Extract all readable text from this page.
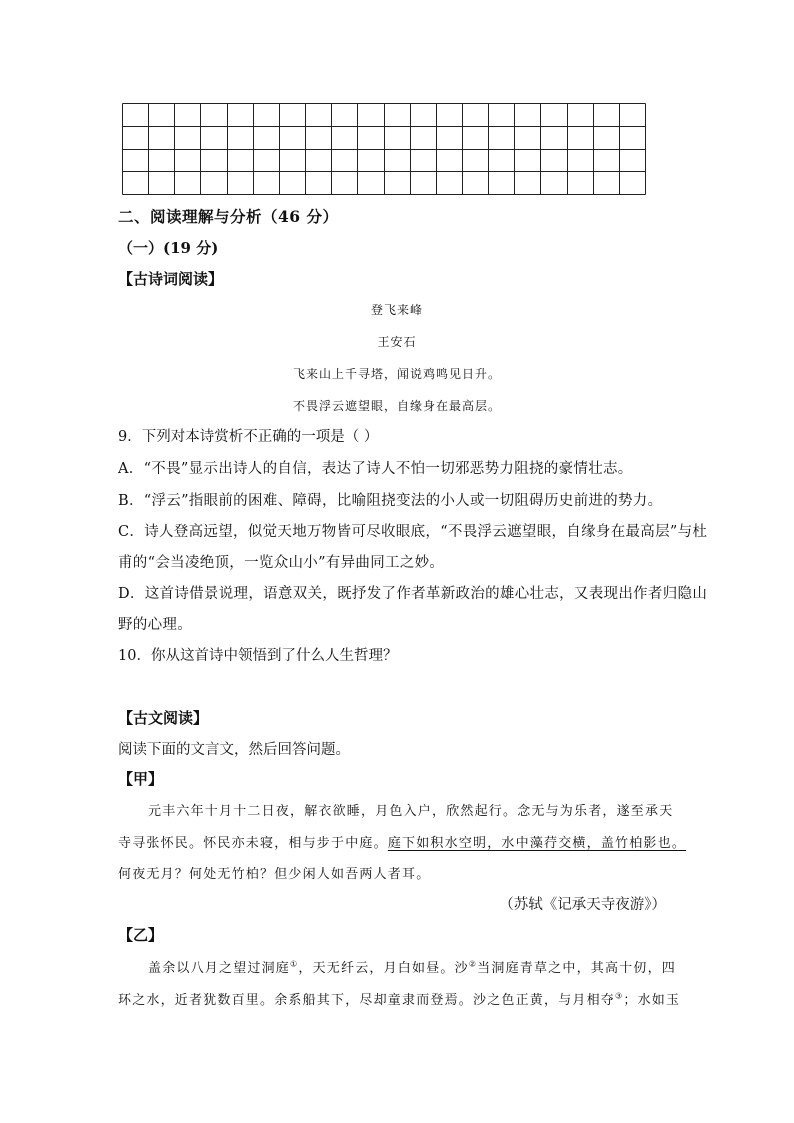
二、阅读理解与分析（46 分）
（一）(19 分)
【古诗词阅读】
登飞来峰
王安石
飞来山上千寻塔，闻说鸡鸣见日升。
不畏浮云遮望眼，自缘身在最高层。
9．下列对本诗赏析不正确的一项是（ ）
A．“不畏”显示出诗人的自信，表达了诗人不怕一切邪恶势力阻挠的豪情壮志。
B．“浮云”指眼前的困难、障碍，比喻阻挠变法的小人或一切阻碍历史前进的势力。
C．诗人登高远望，似觉天地万物皆可尽收眼底，“不畏浮云遮望眼，自缘身在最高层”与杜
甫的“会当凌绝顶，一览众山小”有异曲同工之妙。
D．这首诗借景说理，语意双关，既抒发了作者革新政治的雄心壮志，又表现出作者归隐山
野的心理。
10．你从这首诗中领悟到了什么人生哲理？
【古文阅读】
阅读下面的文言文，然后回答问题。
【甲】
元丰六年十月十二日夜，解衣欲睡，月色入户，欣然起行。念无与为乐者，遂至承天
寺寻张怀民。怀民亦未寝，相与步于中庭。庭下如积水空明，水中藻荇交横，盖竹柏影也。
何夜无月？何处无竹柏？但少闲人如吾两人者耳。
（苏轼《记承天寺夜游》）
【乙】
盖余以八月之望过洞庭①，天无纤云，月白如昼。沙②当洞庭青草之中，其高十仞，四
环之水，近者犹数百里。余系船其下，尽却童隶而登焉。沙之色正黄，与月相夺③；水如玉
